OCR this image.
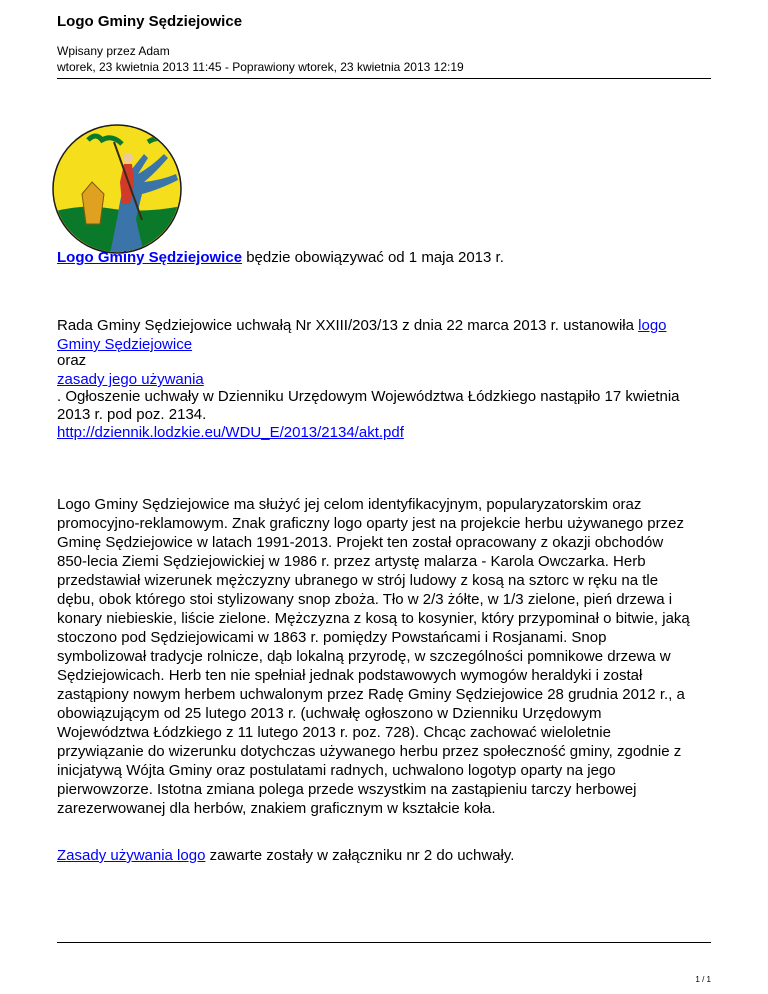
Logo Gminy Sędziejowice
Wpisany przez Adam
wtorek, 23 kwietnia 2013 11:45 - Poprawiony wtorek, 23 kwietnia 2013 12:19
Logo Gminy Sędziejowice będzie obowiązywać od 1 maja 2013 r.
Rada Gminy Sędziejowice uchwałą Nr XXIII/203/13 z dnia 22 marca 2013 r. ustanowiła logo
Gminy Sędziejowice
oraz
zasady jego używania
. Ogłoszenie uchwały w Dzienniku Urzędowym Województwa Łódzkiego nastąpiło 17 kwietnia
2013 r. pod poz. 2134.
http://dziennik.lodzkie.eu/WDU_E/2013/2134/akt.pdf
Logo Gminy Sędziejowice ma służyć jej celom identyfikacyjnym, popularyzatorskim oraz
promocyjno-reklamowym. Znak graficzny logo oparty jest na projekcie herbu używanego przez
Gminę Sędziejowice w latach 1991-2013. Projekt ten został opracowany z okazji obchodów
850-lecia Ziemi Sędziejowickiej w 1986 r. przez artystę malarza - Karola Owczarka. Herb
przedstawiał wizerunek mężczyzny ubranego w strój ludowy z kosą na sztorc w ręku na tle
dębu, obok którego stoi stylizowany snop zboża. Tło w 2/3 żółte, w 1/3 zielone, pień drzewa i
konary niebieskie, liście zielone. Mężczyzna z kosą to kosynier, który przypominał o bitwie, jaką
stoczono pod Sędziejowicami w 1863 r. pomiędzy Powstańcami i Rosjanami. Snop
symbolizował tradycje rolnicze, dąb lokalną przyrodę, w szczególności pomnikowe drzewa w
Sędziejowicach. Herb ten nie spełniał jednak podstawowych wymogów heraldyki i został
zastąpiony nowym herbem uchwalonym przez Radę Gminy Sędziejowice 28 grudnia 2012 r., a
obowiązującym od 25 lutego 2013 r. (uchwałę ogłoszono w Dzienniku Urzędowym
Województwa Łódzkiego z 11 lutego 2013 r. poz. 728). Chcąc zachować wieloletnie
przywiązanie do wizerunku dotychczas używanego herbu przez społeczność gminy, zgodnie z
inicjatywą Wójta Gminy oraz postulatami radnych, uchwalono logotyp oparty na jego
pierwowzorze. Istotna zmiana polega przede wszystkim na zastąpieniu tarczy herbowej
zarezerwowanej dla herbów, znakiem graficznym w kształcie koła.
Zasady używania logo zawarte zostały w załączniku nr 2 do uchwały.
1 / 1
